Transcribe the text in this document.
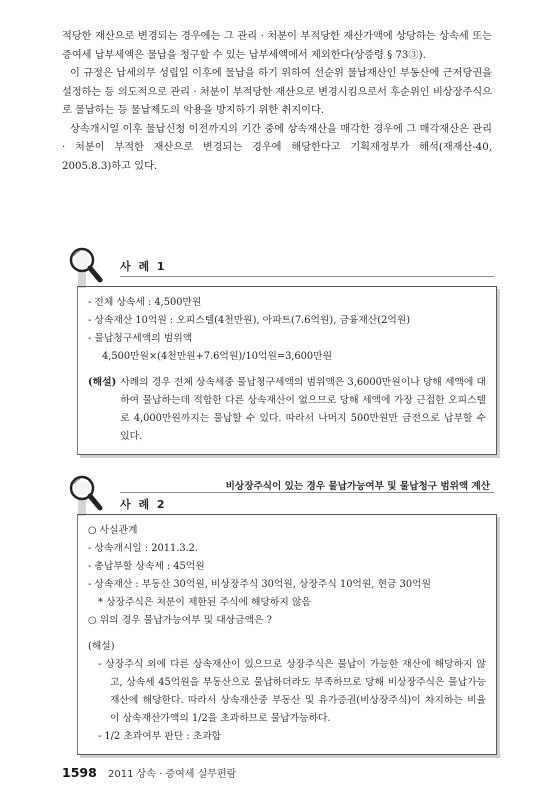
적당한 재산으로 변경되는 경우에는 그 관리 · 처분이 부적당한 재산가액에 상당하는 상속세 또는 증여세 납부세액은 물납을 청구할 수 있는 납부세액에서 제외한다(상증령 § 73③).

이 규정은 납세의무 성립일 이후에 물납을 하기 위하여 선순위 물납재산인 부동산에 근저당권을 설정하는 등 의도적으로 관리 · 처분이 부적당한 재산으로 변경시킴으로서 후순위인 비상장주식으로 물납하는 등 물납제도의 악용을 방지하기 위한 취지이다.

상속개시일 이후 물납신청 이전까지의 기간 중에 상속재산을 매각한 경우에 그 매각재산은 관리 · 처분이 부적한 재산으로 변경되는 경우에 해당한다고 기획재정부가 해석(재재산-40, 2005.8.3)하고 있다.

사 례 1
- 전체 상속세 : 4,500만원
- 상속재산 10억원 : 오피스텔(4천만원), 아파트(7.6억원), 금융재산(2억원)
- 물납청구세액의 범위액
4,500만원×(4천만원+7.6억원)/10억원=3,600만원
(해설) 사례의 경우 전체 상속세중 물납청구세액의 범위액은 3,6000만원이나 당해 세액에 대하여 물납하는데 적합한 다른 상속재산이 없으므로 당해 세액에 가장 근접한 오피스텔로 4,000만원까지는 물납할 수 있다. 따라서 나머지 500만원만 금전으로 납부할 수 있다.
비상장주식이 있는 경우 물납가능여부 및 물납청구 범위액 계산
사 례 2
○ 사실관계
- 상속개시일 : 2011.3.2.
- 총납부할 상속세 : 45억원
- 상속재산 : 부동산 30억원, 비상장주식 30억원, 상장주식 10억원, 현금 30억원
* 상장주식은 처분이 제한된 주식에 해당하지 않음
○ 위의 경우 물납가능여부 및 대상금액은 ?
(해설)
- 상장주식 외에 다른 상속재산이 있으므로 상장주식은 물납이 가능한 재산에 해당하지 않고, 상속세 45억원을 부동산으로 물납하더라도 부족하므로 당해 비상장주식은 물납가능재산에 해당한다. 따라서 상속재산중 부동산 및 유가증권(비상장주식)이 차지하는 비율이 상속재산가액의 1/2을 초과하므로 물납가능하다.
- 1/2 초과여부 판단 : 초과함
1598 2011 상속 · 증여세 실무편람
